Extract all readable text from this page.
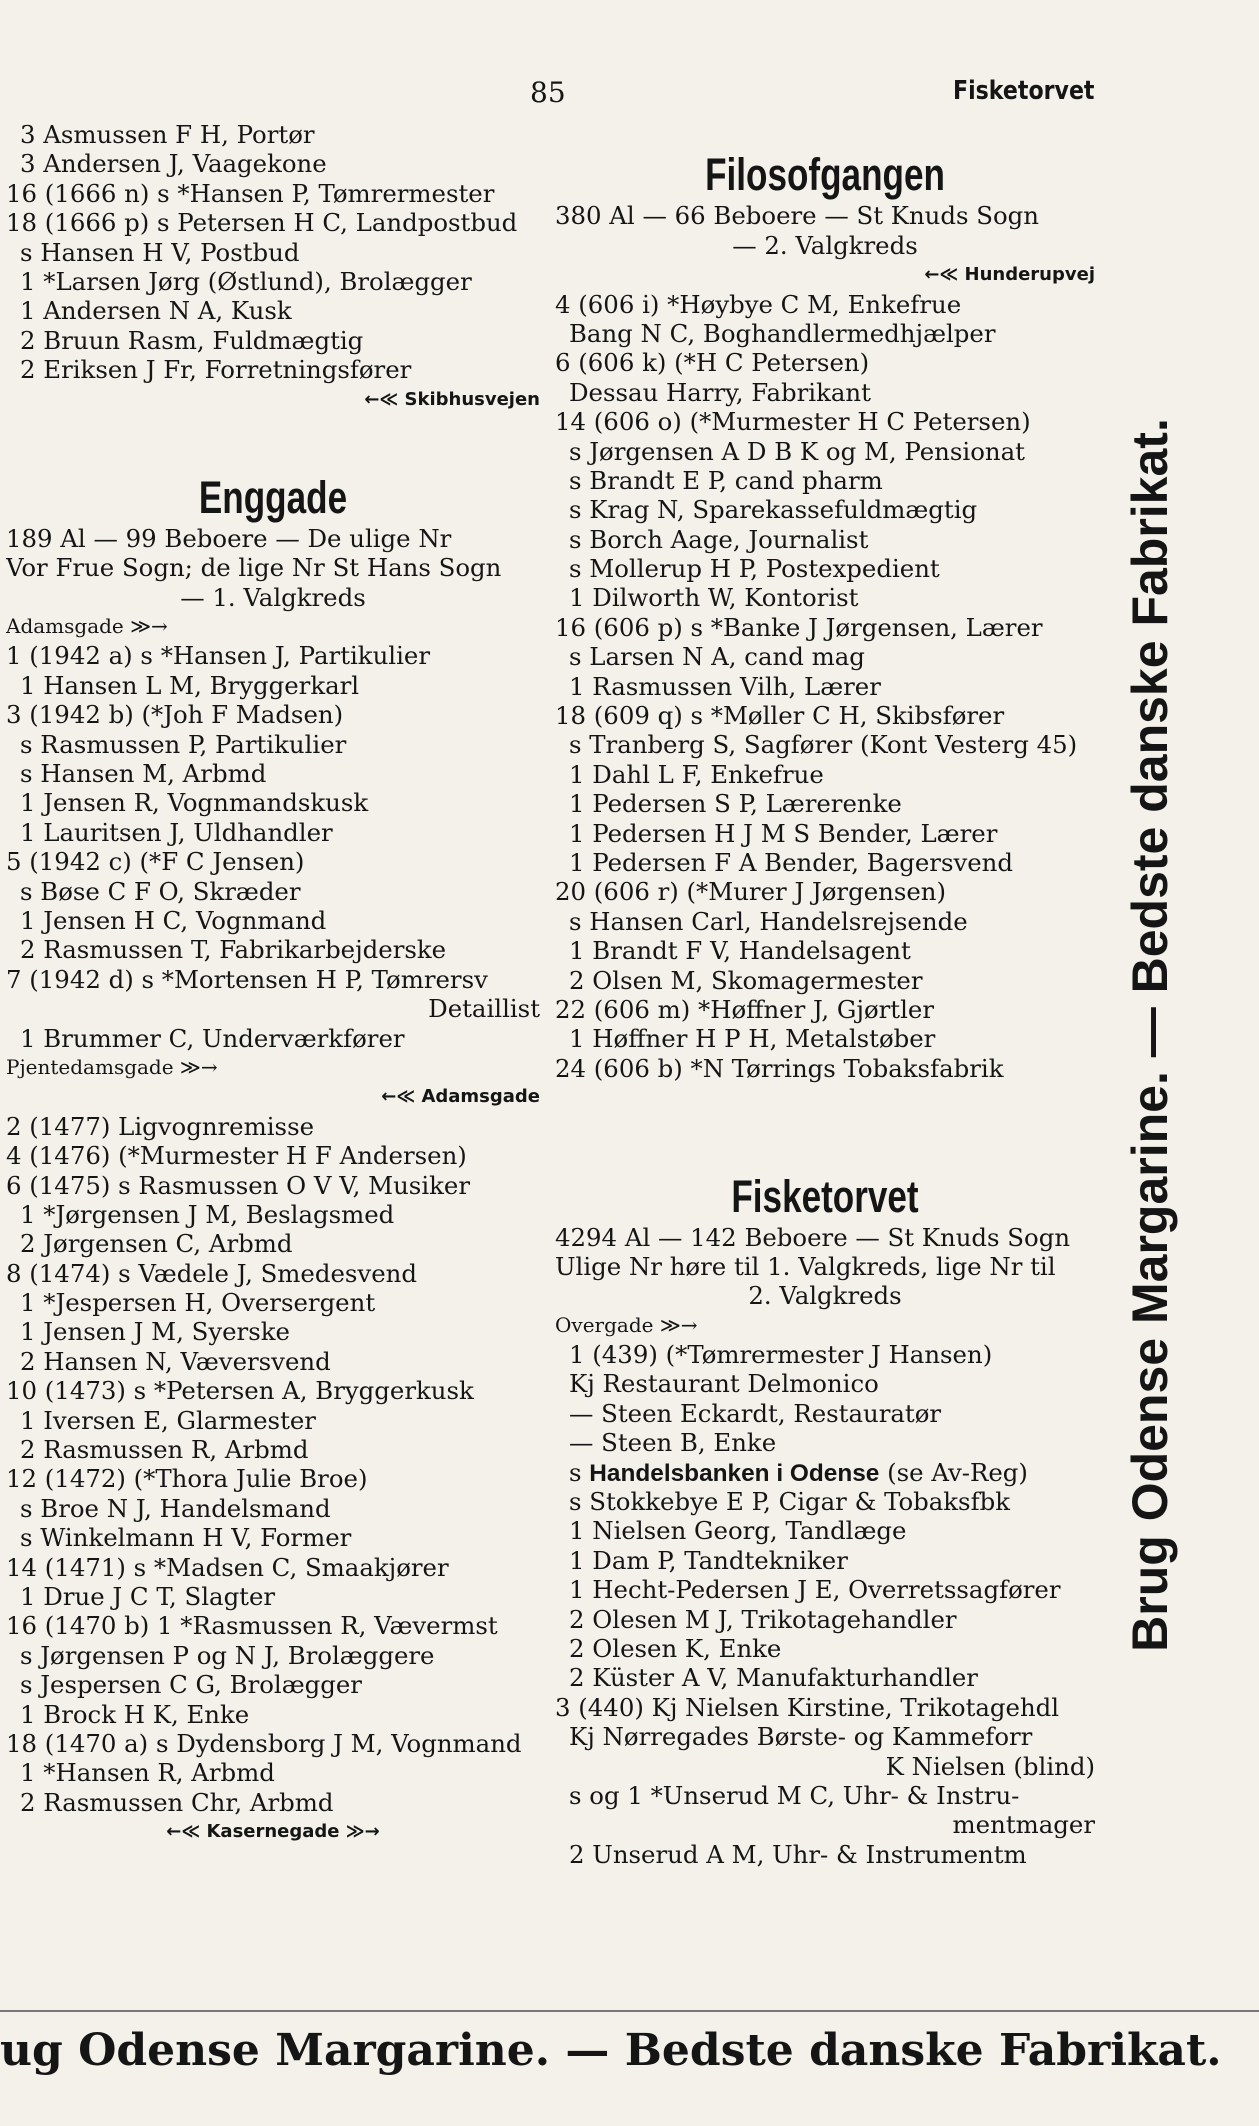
85	Fisketorvet
3 Asmussen F H, Portør
3 Andersen J, Vaagekone
16 (1666 n) s *Hansen P, Tømrermester
18 (1666 p) s Petersen H C, Landpostbud
s Hansen H V, Postbud
1 *Larsen Jørg (Østlund), Brolægger
1 Andersen N A, Kusk
2 Bruun Rasm, Fuldmægtig
2 Eriksen J Fr, Forretningsfører
←≪ Skibhusvejen
Enggade
189 Al — 99 Beboere — De ulige Nr
Vor Frue Sogn; de lige Nr St Hans Sogn
— 1. Valgkreds
Adamsgade ≫→
1 (1942 a) s *Hansen J, Partikulier
1 Hansen L M, Bryggerkarl
3 (1942 b) (*Joh F Madsen)
s Rasmussen P, Partikulier
s Hansen M, Arbmd
1 Jensen R, Vognmandskusk
1 Lauritsen J, Uldhandler
5 (1942 c) (*F C Jensen)
s Bøse C F O, Skræder
1 Jensen H C, Vognmand
2 Rasmussen T, Fabrikarbejderske
7 (1942 d) s *Mortensen H P, Tømrersv
Detaillist
1 Brummer C, Underværkfører
Pjentedamsgade ≫→
←≪ Adamsgade
2 (1477) Ligvognremisse
4 (1476) (*Murmester H F Andersen)
6 (1475) s Rasmussen O V V, Musiker
1 *Jørgensen J M, Beslagsmed
2 Jørgensen C, Arbmd
8 (1474) s Vædele J, Smedesvend
1 *Jespersen H, Oversergent
1 Jensen J M, Syerske
2 Hansen N, Væversvend
10 (1473) s *Petersen A, Bryggerkusk
1 Iversen E, Glarmester
2 Rasmussen R, Arbmd
12 (1472) (*Thora Julie Broe)
s Broe N J, Handelsmand
s Winkelmann H V, Former
14 (1471) s *Madsen C, Smaakjører
1 Drue J C T, Slagter
16 (1470 b) 1 *Rasmussen R, Vævermst
s Jørgensen P og N J, Brolæggere
s Jespersen C G, Brolægger
1 Brock H K, Enke
18 (1470 a) s Dydensborg J M, Vognmand
1 *Hansen R, Arbmd
2 Rasmussen Chr, Arbmd
←≪ Kasernegade ≫→
Filosofgangen
380 Al — 66 Beboere — St Knuds Sogn
— 2. Valgkreds
←≪ Hunderupvej
4 (606 i) *Høybye C M, Enkefrue
Bang N C, Boghandlermedhjælper
6 (606 k) (*H C Petersen)
Dessau Harry, Fabrikant
14 (606 o) (*Murmester H C Petersen)
s Jørgensen A D B K og M, Pensionat
s Brandt E P, cand pharm
s Krag N, Sparekassefuldmægtig
s Borch Aage, Journalist
s Mollerup H P, Postexpedient
1 Dilworth W, Kontorist
16 (606 p) s *Banke J Jørgensen, Lærer
s Larsen N A, cand mag
1 Rasmussen Vilh, Lærer
18 (609 q) s *Møller C H, Skibsfører
s Tranberg S, Sagfører (Kont Vesterg 45)
1 Dahl L F, Enkefrue
1 Pedersen S P, Lærerenke
1 Pedersen H J M S Bender, Lærer
1 Pedersen F A Bender, Bagersvend
20 (606 r) (*Murer J Jørgensen)
s Hansen Carl, Handelsrejsende
1 Brandt F V, Handelsagent
2 Olsen M, Skomagermester
22 (606 m) *Høffner J, Gjørtler
1 Høffner H P H, Metalstøber
24 (606 b) *N Tørrings Tobaksfabrik
Fisketorvet
4294 Al — 142 Beboere — St Knuds Sogn
Ulige Nr høre til 1. Valgkreds, lige Nr til
2. Valgkreds
Overgade ≫→
1 (439) (*Tømrermester J Hansen)
Kj Restaurant Delmonico
— Steen Eckardt, Restauratør
— Steen B, Enke
s Handelsbanken i Odense (se Av-Reg)
s Stokkebye E P, Cigar & Tobaksfbk
1 Nielsen Georg, Tandlæge
1 Dam P, Tandtekniker
1 Hecht-Pedersen J E, Overretssagfører
2 Olesen M J, Trikotagehandler
2 Olesen K, Enke
2 Küster A V, Manufakturhandler
3 (440) Kj Nielsen Kirstine, Trikotagehdl
Kj Nørregades Børste- og Kammeforr
K Nielsen (blind)
s og 1 *Unserud M C, Uhr- & Instru-
mentmager
2 Unserud A M, Uhr- & Instrumentm
Brug Odense Margarine. — Bedste danske Fabrikat.
ug Odense Margarine. — Bedste danske Fabrikat.
